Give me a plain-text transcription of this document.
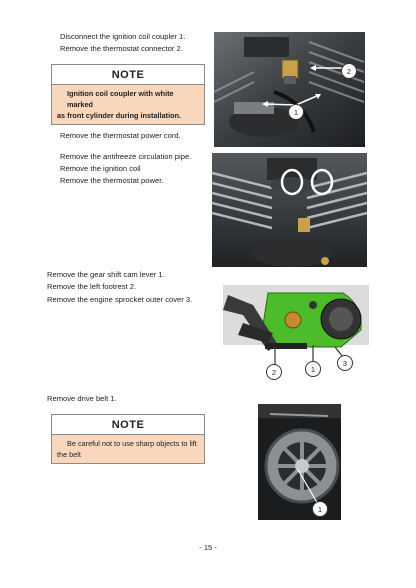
Disconnect the ignition coil coupler 1.
Remove the thermostat connector 2.
NOTE
Ignition coil coupler with white marked
as front cylinder during installation.
2
1
Remove the thermostat power cord.
Remove the antifreeze circulation pipe.
Remove the ignition coil
Remove the thermostat power.
Remove the gear shift cam lever 1.
Remove the left footrest 2.
Remove the engine sprocket outer cover 3.
3
1
2
Remove drive belt 1.
NOTE
Be careful not to use sharp objects to lift
the belt
1
- 15 -
